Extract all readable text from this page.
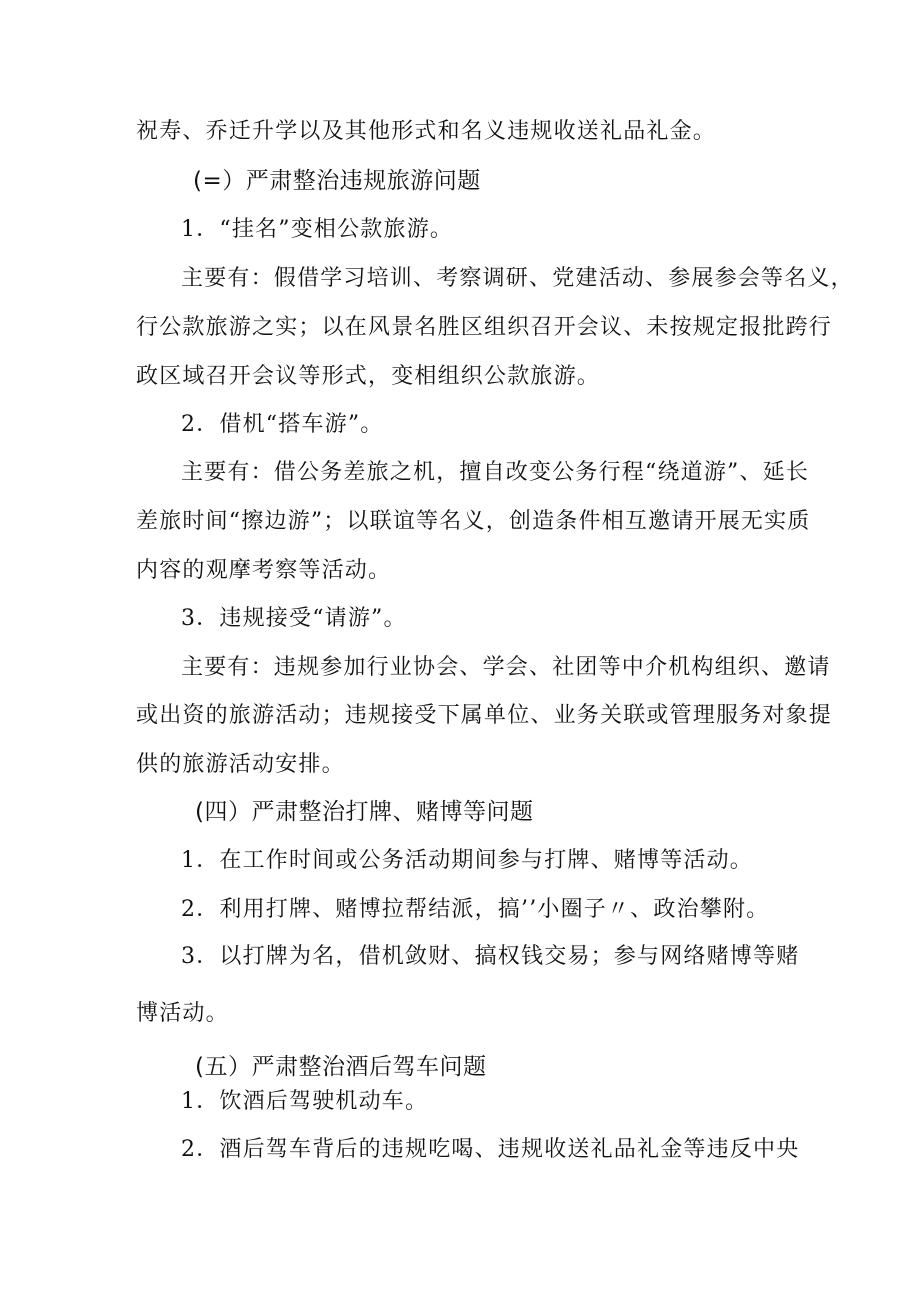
祝寿、乔迁升学以及其他形式和名义违规收送礼品礼金。
(=）严肃整治违规旅游问题
1．“挂名”变相公款旅游。
主要有：假借学习培训、考察调研、党建活动、参展参会等名义，
行公款旅游之实；以在风景名胜区组织召开会议、未按规定报批跨行
政区域召开会议等形式，变相组织公款旅游。
2．借机“搭车游”。
主要有：借公务差旅之机，擅自改变公务行程“绕道游”、延长
差旅时间“擦边游”；以联谊等名义，创造条件相互邀请开展无实质
内容的观摩考察等活动。
3．违规接受“请游”。
主要有：违规参加行业协会、学会、社团等中介机构组织、邀请
或出资的旅游活动；违规接受下属单位、业务关联或管理服务对象提
供的旅游活动安排。
(四）严肃整治打牌、赌博等问题
1．在工作时间或公务活动期间参与打牌、赌博等活动。
2．利用打牌、赌博拉帮结派，搞’’小圈子〃、政治攀附。
3．以打牌为名，借机敛财、搞权钱交易；参与网络赌博等赌
博活动。
(五）严肃整治酒后驾车问题
1．饮酒后驾驶机动车。
2．酒后驾车背后的违规吃喝、违规收送礼品礼金等违反中央
